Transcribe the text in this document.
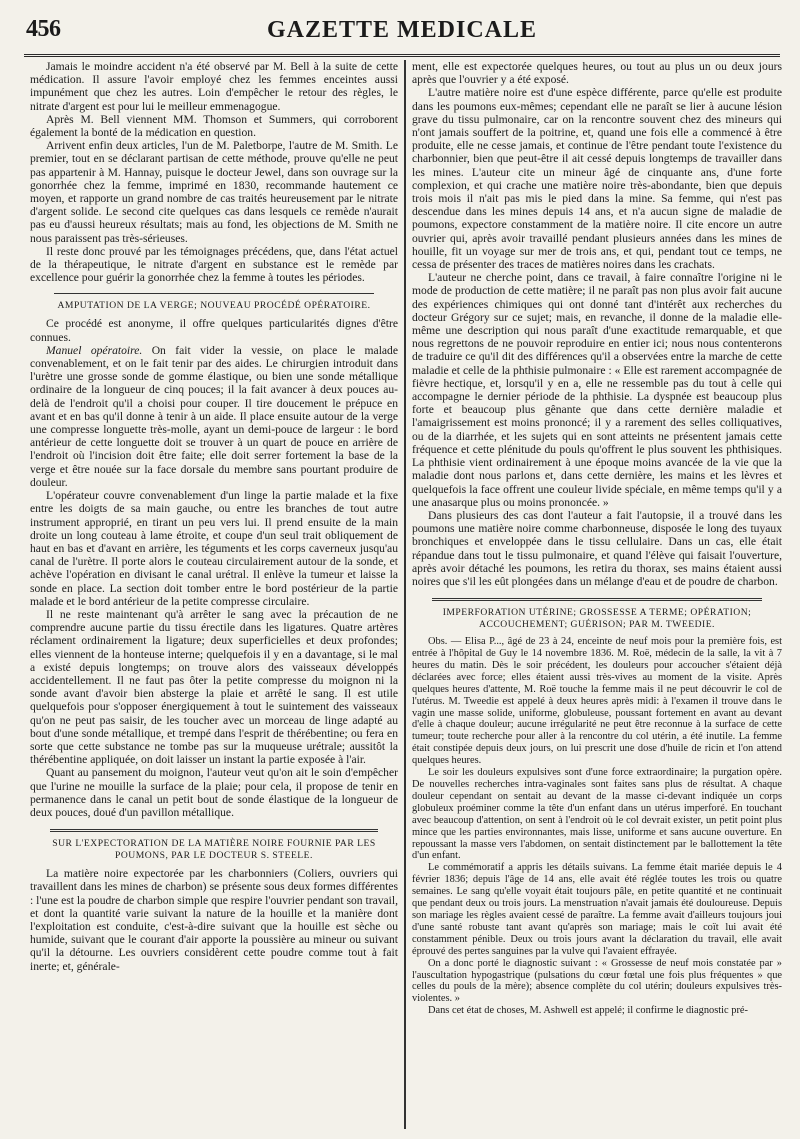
456	GAZETTE MEDICALE

Jamais le moindre accident n'a été observé par M. Bell à la suite de cette médication. Il assure l'avoir employé chez les femmes enceintes aussi impunément que chez les autres. Loin d'empêcher le retour des règles, le nitrate d'argent est pour lui le meilleur emmenagogue.

Après M. Bell viennent MM. Thomson et Summers, qui corroborent également la bonté de la médication en question.

Arrivent enfin deux articles, l'un de M. Paletborpe, l'autre de M. Smith. Le premier, tout en se déclarant partisan de cette méthode, prouve qu'elle ne peut pas appartenir à M. Hannay, puisque le docteur Jewel, dans son ouvrage sur la gonorrhée chez la femme, imprimé en 1830, recommande hautement ce moyen, et rapporte un grand nombre de cas traités heureusement par le nitrate d'argent solide. Le second cite quelques cas dans lesquels ce remède n'aurait pas eu d'aussi heureux résultats; mais au fond, les objections de M. Smith ne nous paraissent pas très-sérieuses.

Il reste donc prouvé par les témoignages précédens, que, dans l'état actuel de la thérapeutique, le nitrate d'argent en substance est le remède par excellence pour guérir la gonorrhée chez la femme à toutes les périodes.

AMPUTATION DE LA VERGE; NOUVEAU PROCÉDÉ OPÉRATOIRE.

Ce procédé est anonyme, il offre quelques particularités dignes d'être connues.

Manuel opératoire. On fait vider la vessie, on place le malade convenablement, et on le fait tenir par des aides. Le chirurgien introduit dans l'urètre une grosse sonde de gomme élastique, ou bien une sonde métallique ordinaire de la longueur de cinq pouces; il la fait avancer à deux pouces au-delà de l'endroit qu'il a choisi pour couper. Il tire doucement le prépuce en avant et en bas qu'il donne à tenir à un aide. Il place ensuite autour de la verge une compresse longuette très-molle, ayant un demi-pouce de largeur : le bord antérieur de cette longuette doit se trouver à un quart de pouce en arrière de l'endroit où l'incision doit être faite; elle doit serrer fortement la base de la verge et être nouée sur la face dorsale du membre sans pourtant produire de douleur.

L'opérateur couvre convenablement d'un linge la partie malade et la fixe entre les doigts de sa main gauche, ou entre les branches de tout autre instrument approprié, en tirant un peu vers lui. Il prend ensuite de la main droite un long couteau à lame étroite, et coupe d'un seul trait obliquement de haut en bas et d'avant en arrière, les téguments et les corps caverneux jusqu'au canal de l'urètre. Il porte alors le couteau circulairement autour de la sonde, et achève l'opération en divisant le canal urétral. Il enlève la tumeur et laisse la sonde en place. La section doit tomber entre le bord postérieur de la partie malade et le bord antérieur de la petite compresse circulaire.

Il ne reste maintenant qu'à arrêter le sang avec la précaution de ne comprendre aucune partie du tissu érectile dans les ligatures. Quatre artères réclament ordinairement la ligature; deux superficielles et deux profondes; elles viennent de la honteuse interne; quelquefois il y en a davantage, si le mal a existé depuis longtemps; on trouve alors des vaisseaux développés accidentellement. Il ne faut pas ôter la petite compresse du moignon ni la sonde avant d'avoir bien absterge la plaie et arrêté le sang. Il est utile quelquefois pour s'opposer énergiquement à tout le suintement des vaisseaux qu'on ne peut pas saisir, de les toucher avec un morceau de linge adapté au bout d'une sonde métallique, et trempé dans l'esprit de thérébentine; ou fera en sorte que cette substance ne tombe pas sur la muqueuse urétrale; aussitôt la thérébentine appliquée, on doit laisser un instant la partie exposée à l'air.

Quant au pansement du moignon, l'auteur veut qu'on ait le soin d'empêcher que l'urine ne mouille la surface de la plaie; pour cela, il propose de tenir en permanence dans le canal un petit bout de sonde élastique de la longueur de deux pouces, doué d'un pavillon métallique.

SUR L'EXPECTORATION DE LA MATIÈRE NOIRE FOURNIE PAR LES POUMONS, PAR LE DOCTEUR S. STEELE.

La matière noire expectorée par les charbonniers (Coliers, ouvriers qui travaillent dans les mines de charbon) se présente sous deux formes différentes : l'une est la poudre de charbon simple que respire l'ouvrier pendant son travail, et dont la quantité varie suivant la nature de la houille et la manière dont l'exploitation est conduite, c'est-à-dire suivant que la houille est sèche ou humide, suivant que le courant d'air apporte la poussière au mineur ou suivant qu'il la détourne. Les ouvriers considèrent cette poudre comme tout à fait inerte; et, générale-

ment, elle est expectorée quelques heures, ou tout au plus un ou deux jours après que l'ouvrier y a été exposé.

L'autre matière noire est d'une espèce différente, parce qu'elle est produite dans les poumons eux-mêmes; cependant elle ne paraît se lier à aucune lésion grave du tissu pulmonaire, car on la rencontre souvent chez des mineurs qui n'ont jamais souffert de la poitrine, et, quand une fois elle a commencé à être produite, elle ne cesse jamais, et continue de l'être pendant toute l'existence du charbonnier, bien que peut-être il ait cessé depuis longtemps de travailler dans les mines. L'auteur cite un mineur âgé de cinquante ans, d'une forte complexion, et qui crache une matière noire très-abondante, bien que depuis trois mois il n'ait pas mis le pied dans la mine. Sa femme, qui n'est pas descendue dans les mines depuis 14 ans, et n'a aucun signe de maladie de poumons, expectore constamment de la matière noire. Il cite encore un autre ouvrier qui, après avoir travaillé pendant plusieurs années dans les mines de houille, fit un voyage sur mer de trois ans, et qui, pendant tout ce temps, ne cessa de présenter des traces de matières noires dans les crachats.

L'auteur ne cherche point, dans ce travail, à faire connaître l'origine ni le mode de production de cette matière; il ne paraît pas non plus avoir fait aucune des expériences chimiques qui ont donné tant d'intérêt aux recherches du docteur Grégory sur ce sujet; mais, en revanche, il donne de la maladie elle-même une description qui nous paraît d'une exactitude remarquable, et que nous regrettons de ne pouvoir reproduire en entier ici; nous nous contenterons de traduire ce qu'il dit des différences qu'il a observées entre la marche de cette maladie et celle de la phthisie pulmonaire : « Elle est rarement accompagnée de fièvre hectique, et, lorsqu'il y en a, elle ne ressemble pas du tout à celle qui accompagne le dernier période de la phthisie. La dyspnée est beaucoup plus forte et beaucoup plus gênante que dans cette dernière maladie et l'amaigrissement est moins prononcé; il y a rarement des selles colliquatives, ou de la diarrhée, et les sujets qui en sont atteints ne présentent jamais cette fréquence et cette plénitude du pouls qu'offrent le plus souvent les phthisiques. La phthisie vient ordinairement à une époque moins avancée de la vie que la maladie dont nous parlons et, dans cette dernière, les mains et les lèvres et quelquefois la face offrent une couleur livide spéciale, en même temps qu'il y a une anasarque plus ou moins prononcée. »

Dans plusieurs des cas dont l'auteur a fait l'autopsie, il a trouvé dans les poumons une matière noire comme charbonneuse, disposée le long des tuyaux bronchiques et enveloppée dans le tissu cellulaire. Dans un cas, elle était répandue dans tout le tissu pulmonaire, et quand l'élève qui faisait l'ouverture, après avoir détaché les poumons, les retira du thorax, ses mains étaient aussi noires que s'il les eût plongées dans un mélange d'eau et de poudre de charbon.

IMPERFORATION UTÉRINE; GROSSESSE A TERME; OPÉRATION; ACCOUCHEMENT; GUÉRISON; PAR M. TWEEDIE.

Obs. — Elisa P..., âgé de 23 à 24, enceinte de neuf mois pour la première fois, est entrée à l'hôpital de Guy le 14 novembre 1836. M. Roë, médecin de la salle, la vit à 7 heures du matin. Dès le soir précédent, les douleurs pour accoucher s'étaient déjà déclarées avec force; elles étaient aussi très-vives au moment de la visite. Après quelques heures d'attente, M. Roë touche la femme mais il ne peut découvrir le col de l'utérus. M. Tweedie est appelé à deux heures après midi: à l'examen il trouve dans le vagin une masse solide, uniforme, globuleuse, poussant fortement en avant au devant d'elle à chaque douleur; aucune irrégularité ne peut être reconnue à la surface de cette tumeur; toute recherche pour aller à la rencontre du col utérin, a été inutile. La femme était constipée depuis deux jours, on lui prescrit une dose d'huile de ricin et l'on attend quelques heures.

Le soir les douleurs expulsives sont d'une force extraordinaire; la purgation opère. De nouvelles recherches intra-vaginales sont faites sans plus de résultat. A chaque douleur cependant on sentait au devant de la masse ci-devant indiquée un corps globuleux proéminer comme la tête d'un enfant dans un utérus imperforé. En touchant avec beaucoup d'attention, on sent à l'endroit où le col devrait exister, un petit point plus mince que les parties environnantes, mais lisse, uniforme et sans aucune ouverture. En repoussant la masse vers l'abdomen, on sentait distinctement par le ballottement la tête d'un enfant.

Le commémoratif a appris les détails suivans. La femme était mariée depuis le 4 février 1836; depuis l'âge de 14 ans, elle avait été réglée toutes les trois ou quatre semaines. Le sang qu'elle voyait était toujours pâle, en petite quantité et ne continuait que pendant deux ou trois jours. La menstruation n'avait jamais été douloureuse. Depuis son mariage les règles avaient cessé de paraître. La femme avait d'ailleurs toujours joui d'une santé robuste tant avant qu'après son mariage; mais le coït lui avait été constamment pénible. Deux ou trois jours avant la déclaration du travail, elle avait éprouvé des pertes sanguines par la vulve qui l'avaient effrayée.

On a donc porté le diagnostic suivant : « Grossesse de neuf mois constatée par » l'auscultation hypogastrique (pulsations du cœur fœtal une fois plus fréquentes » que celles du pouls de la mère); absence complète du col utérin; douleurs expulsives très-violentes. »

Dans cet état de choses, M. Ashwell est appelé; il confirme le diagnostic pré-
